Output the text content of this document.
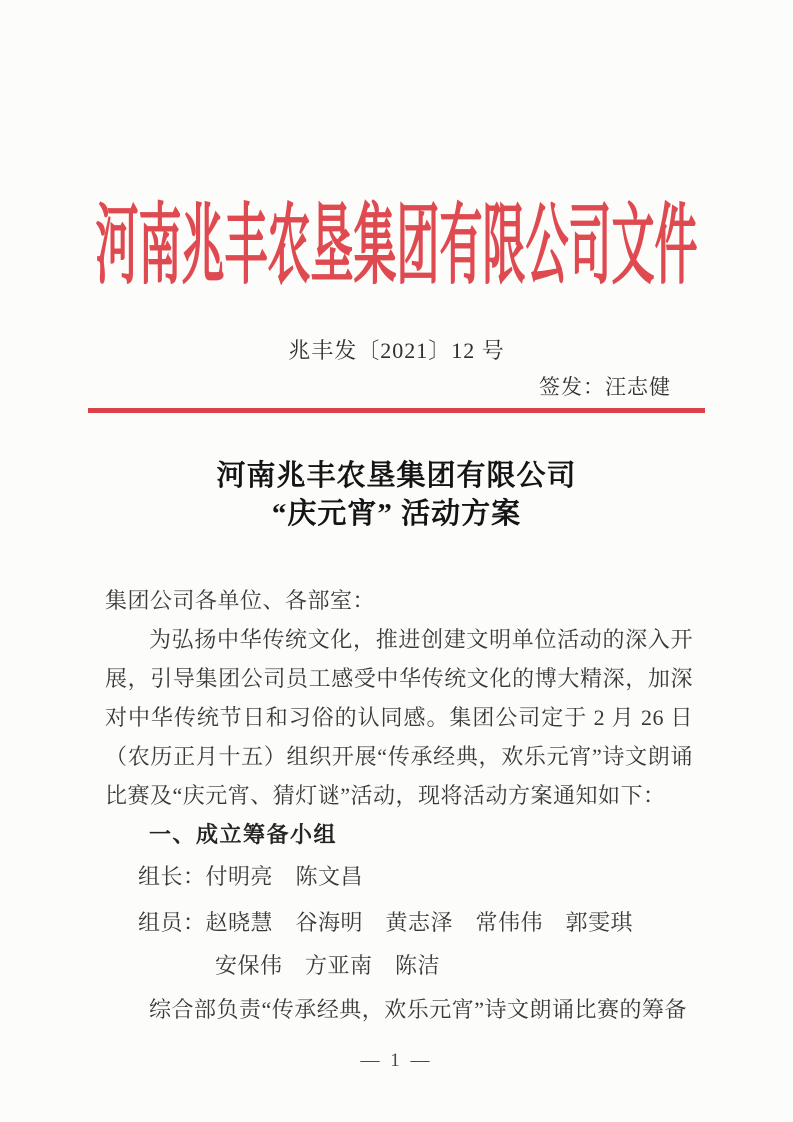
河南兆丰农垦集团有限公司文件
兆丰发〔2021〕12 号
签发：汪志健
河南兆丰农垦集团有限公司
“庆元宵” 活动方案

集团公司各单位、各部室：

为弘扬中华传统文化，推进创建文明单位活动的深入开展，引导集团公司员工感受中华传统文化的博大精深，加深对中华传统节日和习俗的认同感。集团公司定于 2 月 26 日（农历正月十五）组织开展“传承经典，欢乐元宵”诗文朗诵比赛及“庆元宵、猜灯谜”活动，现将活动方案通知如下：

一、成立筹备小组

组长：付明亮　陈文昌

组员：赵晓慧　谷海明　黄志泽　常伟伟　郭雯琪

安保伟　方亚南　陈洁

综合部负责“传承经典，欢乐元宵”诗文朗诵比赛的筹备

— 1 —
